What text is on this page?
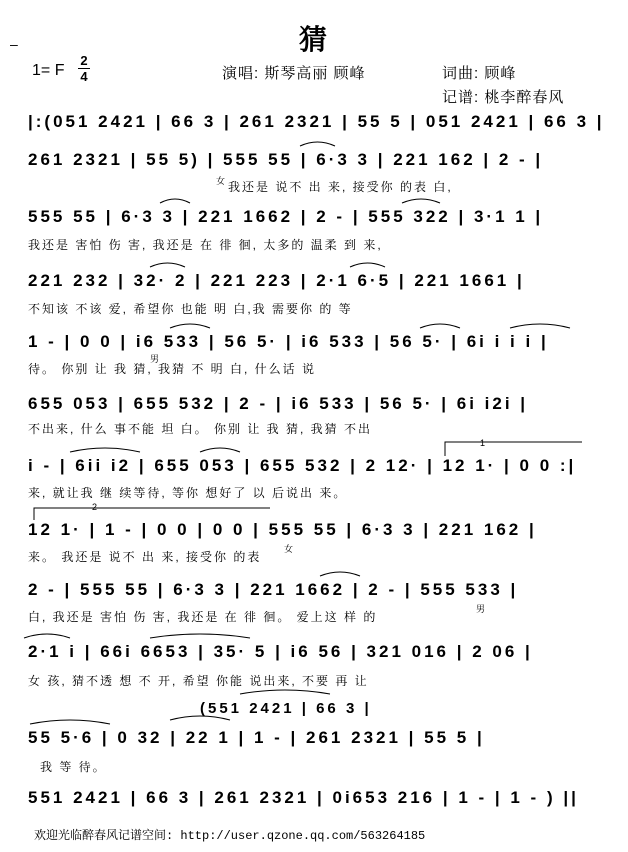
–	猜
1= F
2
4	演唱: 斯琴高丽 顾峰	词曲: 顾峰
记谱: 桃李醉春风
|:(051 2421 | 66 3 | 261 2321 | 55 5 | 051 2421 | 66 3 |
261 2321 | 55 5) | 555 55 | 6·3 3 | 221 162 | 2 - |
女 我还是 说不 出 来, 接受你 的表 白,
555 55 | 6·3 3 | 221 1662 | 2 - | 555 322 | 3·1 1 |
我还是 害怕 伤 害, 我还是 在 徘 徊, 太多的 温柔 到 来,
221 232 | 32· 2 | 221 223 | 2·1 6·5 | 221 1661 |
不知该 不该 爱, 希望你 也能 明 白,我 需要你 的 等
1 - | 0 0 | i6 533 | 56 5· | i6 533 | 56 5· | 6i i i i |
男
待。 你别 让 我 猜, 我猜 不 明 白, 什么话 说
655 053 | 655 532 | 2 - | i6 533 | 56 5· | 6i i2i |
不出来, 什么 事不能 坦 白。 你别 让 我 猜, 我猜 不出
1
i - | 6ii i2 | 655 053 | 655 532 | 2 12· | 12 1· | 0 0 :|
来, 就让我 继 续等待, 等你 想好了 以 后说出 来。
2
12 1· | 1 - | 0 0 | 0 0 | 555 55 | 6·3 3 | 221 162 |
女
来。 我还是 说不 出 来, 接受你 的表
2 - | 555 55 | 6·3 3 | 221 1662 | 2 - | 555 533 |
男
白, 我还是 害怕 伤 害, 我还是 在 徘 徊。 爱上这 样 的
2·1 i | 66i 6653 | 35· 5 | i6 56 | 321 016 | 2 06 |
女 孩, 猜不透 想 不 开, 希望 你能 说出来, 不要 再 让
(551 2421 | 66 3 |
55 5·6 | 0 32 | 22 1 | 1 - | 261 2321 | 55 5 |
我 等 待。
551 2421 | 66 3 | 261 2321 | 0i653 216 | 1 - | 1 - ) ||
欢迎光临醉春风记谱空间: http://user.qzone.qq.com/563264185
